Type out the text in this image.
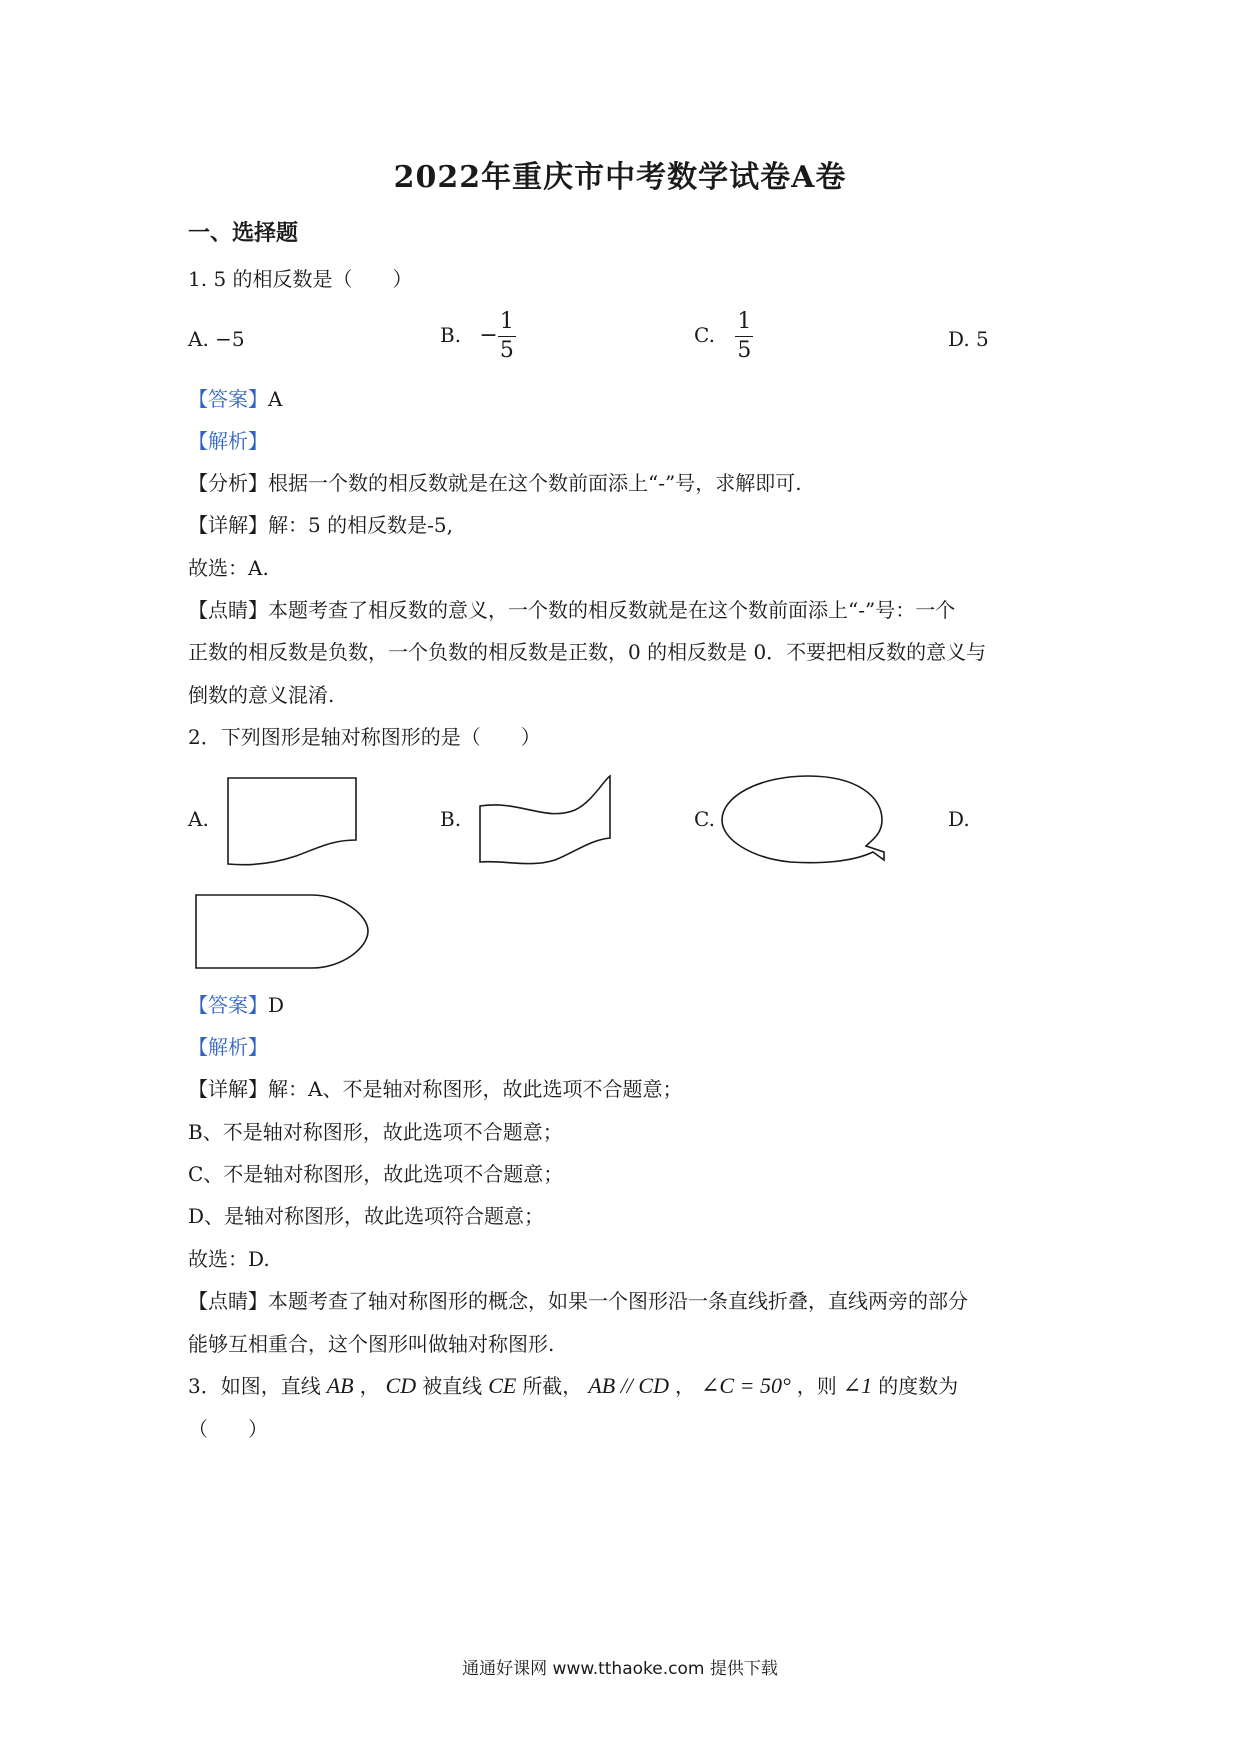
2022年重庆市中考数学试卷A卷
一、选择题
1. 5 的相反数是（　　）
A. −5	B. − $\frac{1}{5}$	C. $\frac{1}{5}$	D. 5
【答案】A
【解析】
【分析】根据一个数的相反数就是在这个数前面添上“-”号，求解即可.
【详解】解：5 的相反数是-5,
故选：A.
【点睛】本题考查了相反数的意义，一个数的相反数就是在这个数前面添上“-”号：一个
正数的相反数是负数，一个负数的相反数是正数，0 的相反数是 0．不要把相反数的意义与
倒数的意义混淆.
2．下列图形是轴对称图形的是（　　）
A.	B.	C.	D.
【答案】D
【解析】
【详解】解：A、不是轴对称图形，故此选项不合题意；
B、不是轴对称图形，故此选项不合题意；
C、不是轴对称图形，故此选项不合题意；
D、是轴对称图形，故此选项符合题意；
故选：D.
【点睛】本题考查了轴对称图形的概念，如果一个图形沿一条直线折叠，直线两旁的部分
能够互相重合，这个图形叫做轴对称图形.
3．如图，直线 AB ， CD 被直线 CE 所截， AB // CD ， ∠C = 50° ，则 ∠1 的度数为
（　　）
通通好课网 www.tthaoke.com 提供下载
